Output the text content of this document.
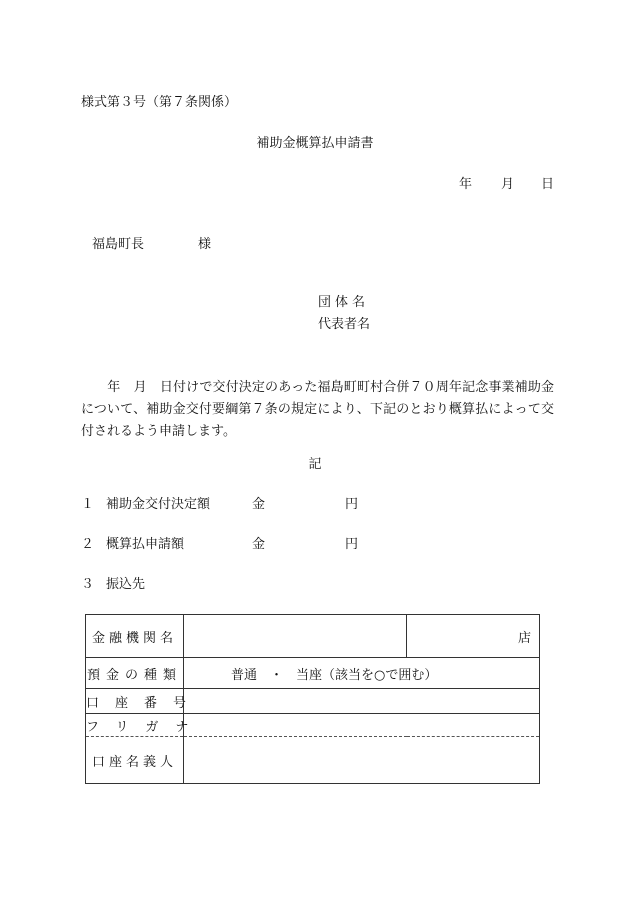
様式第３号（第７条関係）
補助金概算払申請書
年 月 日
福島町長	様
団体名
代表者名
　　年　月　日付けで交付決定のあった福島町町村合併７０周年記念事業補助金について、補助金交付要綱第７条の規定により、下記のとおり概算払によって交付されるよう申請します。
記
１ 補助金交付決定額	金	円
２ 概算払申請額	金	円
３ 振込先
金融機関名		店
預金の種類	普通　・　当座（該当を○で囲む）	
口座番号		
フリガナ		
口座名義人		
